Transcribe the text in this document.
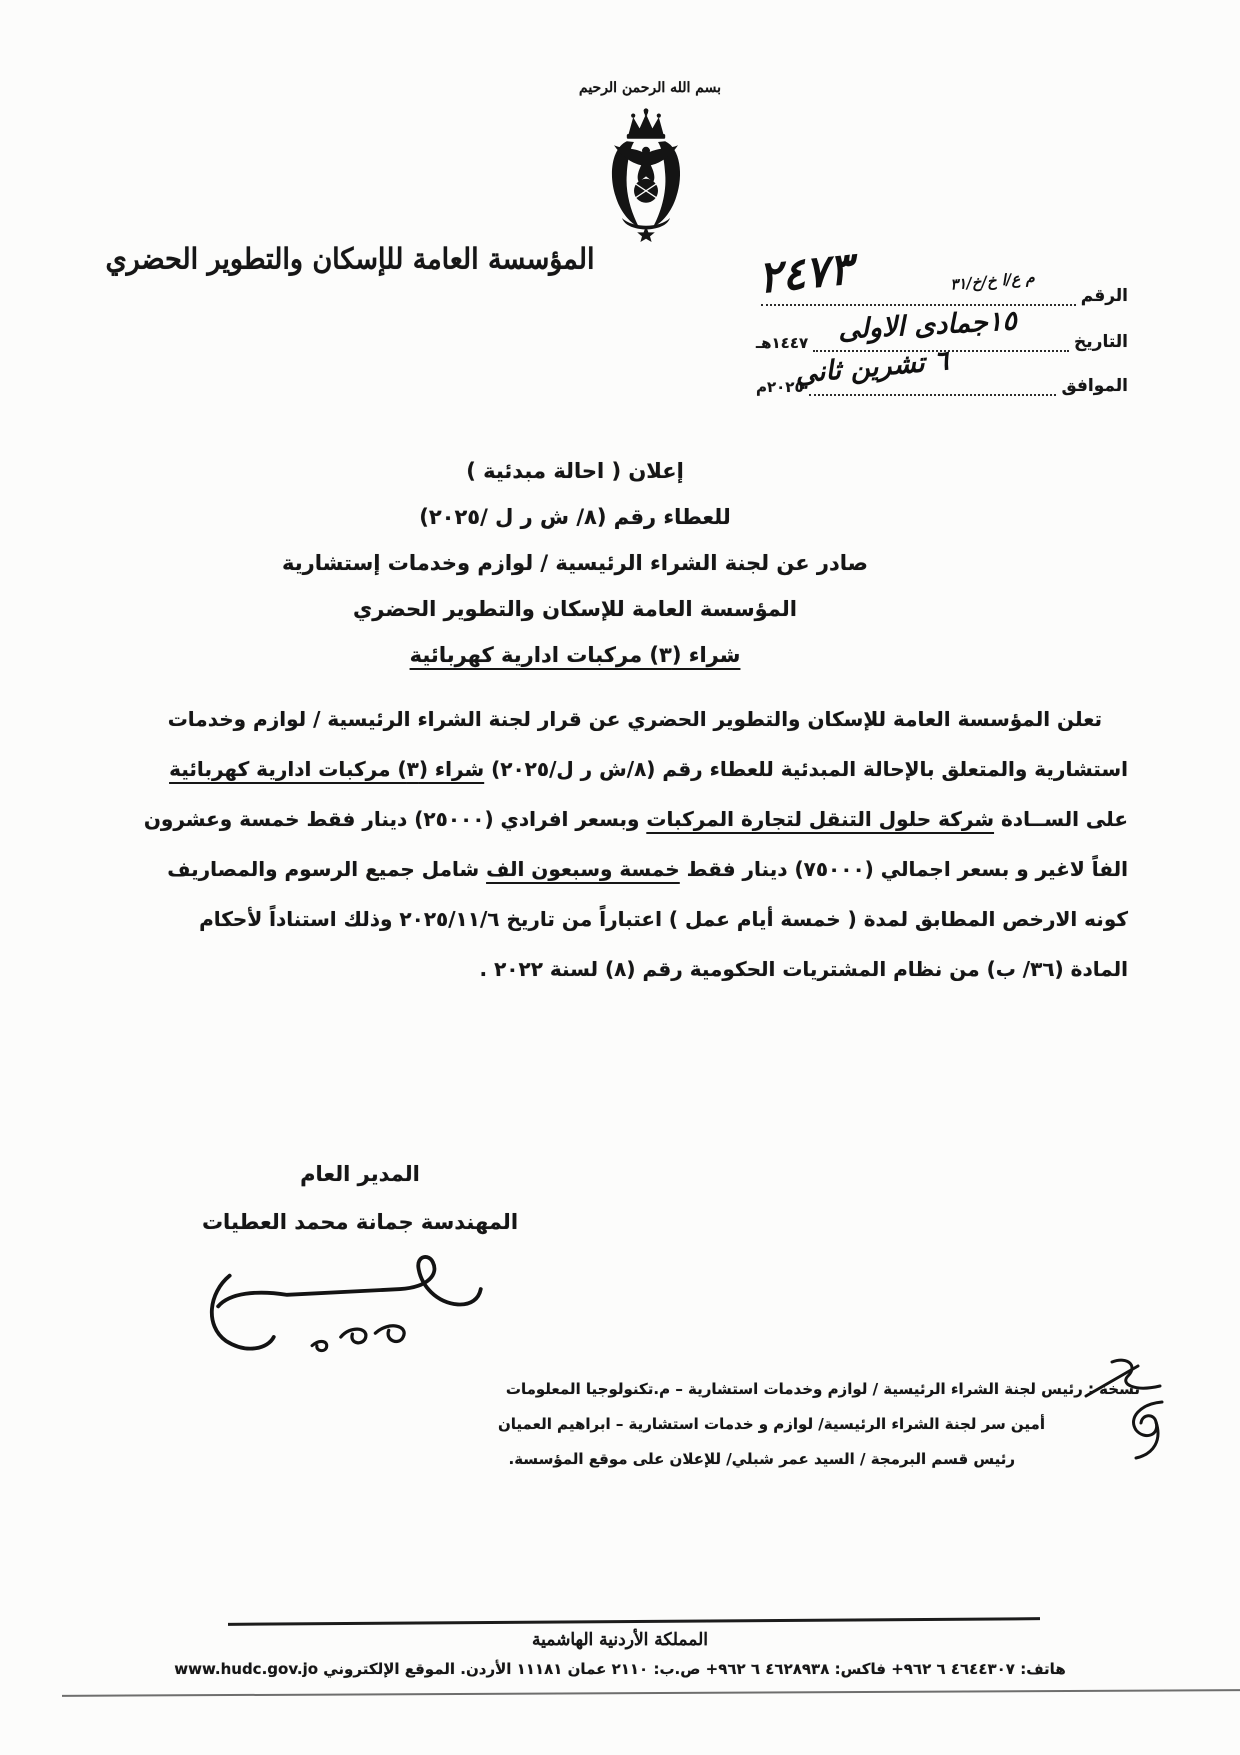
بسم الله الرحمن الرحيم
المؤسسة العامة للإسكان والتطوير الحضري
الرقم
التاريخ
١٤٤٧هـ
الموافق
٢٠٢٥م
م ع/ا خ/خ/٣١
٢٤٧٣
١٥جمادى الاولى
٦ تشرين ثاني
إعلان ( احالة مبدئية )
للعطاء رقم (٨/ ش ر ل /٢٠٢٥)
صادر عن لجنة الشراء الرئيسية / لوازم وخدمات إستشارية
المؤسسة العامة للإسكان والتطوير الحضري
شراء (٣) مركبات ادارية كهربائية
تعلن المؤسسة العامة للإسكان والتطوير الحضري عن قرار لجنة الشراء الرئيسية / لوازم وخدمات
استشارية والمتعلق بالإحالة المبدئية للعطاء رقم (٨/ش ر ل/٢٠٢٥) شراء (٣) مركبات ادارية كهربائية
على الســادة شركة حلول التنقل لتجارة المركبات وبسعر افرادي (٢٥٠٠٠) دينار فقط خمسة وعشرون
الفاً لاغير و بسعر اجمالي (٧٥٠٠٠) دينار فقط خمسة وسبعون الف شامل جميع الرسوم والمصاريف
كونه الارخص المطابق لمدة ( خمسة أيام عمل ) اعتباراً من تاريخ ٢٠٢٥/١١/٦ وذلك استناداً لأحكام
المادة (٣٦/ ب) من نظام المشتريات الحكومية رقم (٨) لسنة ٢٠٢٢ .
المدير العام
المهندسة جمانة محمد العطيات
نسخة : رئيس لجنة الشراء الرئيسية / لوازم وخدمات استشارية – م.تكنولوجيا المعلومات
أمين سر لجنة الشراء الرئيسية/ لوازم و خدمات استشارية – ابراهيم العميان
رئيس قسم البرمجة / السيد عمر شبلي/ للإعلان على موقع المؤسسة.
المملكة الأردنية الهاشمية
هاتف: ٤٦٤٤٣٠٧ ٦ ٩٦٢+ فاكس: ٤٦٢٨٩٣٨ ٦ ٩٦٢+ ص.ب: ٢١١٠ عمان ١١١٨١ الأردن. الموقع الإلكتروني www.hudc.gov.jo
